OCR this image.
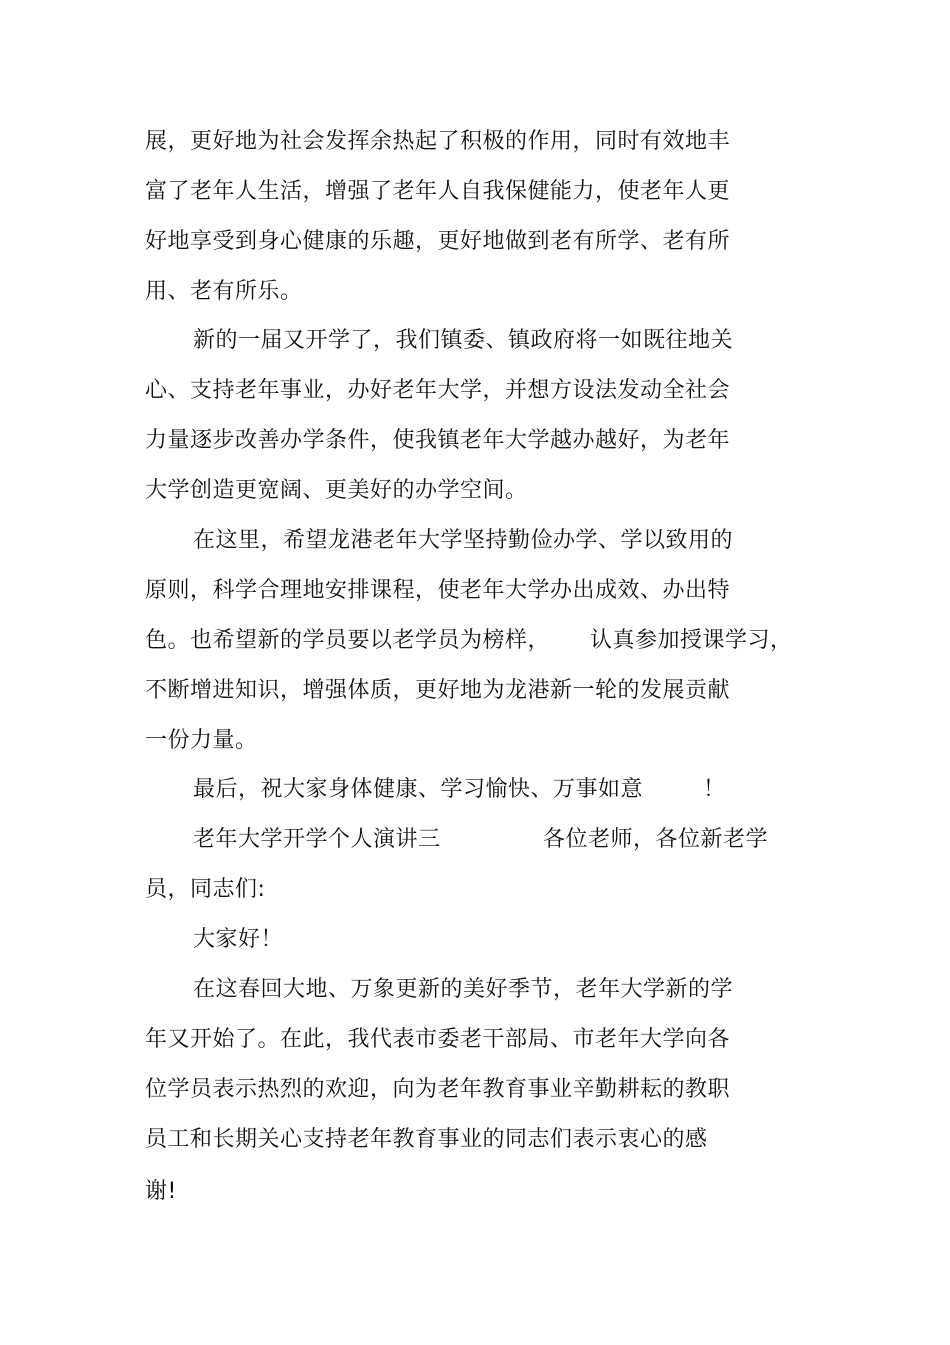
展，更好地为社会发挥余热起了积极的作用，同时有效地丰
富了老年人生活，增强了老年人自我保健能力，使老年人更
好地享受到身心健康的乐趣，更好地做到老有所学、老有所
用、老有所乐。
新的一届又开学了，我们镇委、镇政府将一如既往地关
心、支持老年事业，办好老年大学，并想方设法发动全社会
力量逐步改善办学条件，使我镇老年大学越办越好，为老年
大学创造更宽阔、更美好的办学空间。
在这里，希望龙港老年大学坚持勤俭办学、学以致用的
原则，科学合理地安排课程，使老年大学办出成效、办出特
色。也希望新的学员要以老学员为榜样， 认真参加授课学习，
不断增进知识，增强体质，更好地为龙港新一轮的发展贡献
一份力量。
最后，祝大家身体健康、学习愉快、万事如意	！
老年大学开学个人演讲三	各位老师，各位新老学
员，同志们:
大家好！
在这春回大地、万象更新的美好季节，老年大学新的学
年又开始了。在此，我代表市委老干部局、市老年大学向各
位学员表示热烈的欢迎，向为老年教育事业辛勤耕耘的教职
员工和长期关心支持老年教育事业的同志们表示衷心的感
谢!
